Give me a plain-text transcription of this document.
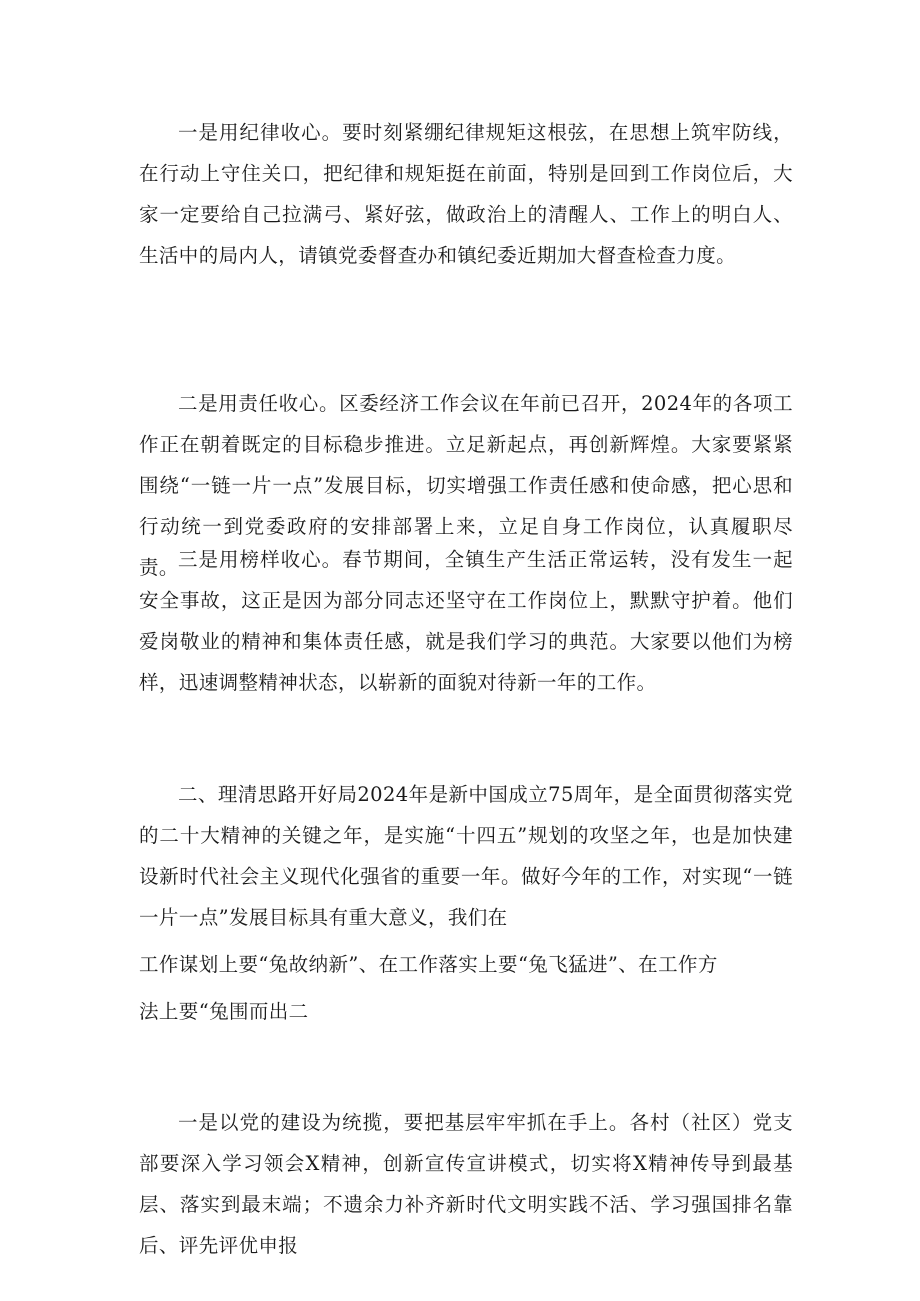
一是用纪律收心。要时刻紧绷纪律规矩这根弦，在思想上筑牢防线，在行动上守住关口，把纪律和规矩挺在前面，特别是回到工作岗位后，大家一定要给自己拉满弓、紧好弦，做政治上的清醒人、工作上的明白人、生活中的局内人，请镇党委督查办和镇纪委近期加大督查检查力度。

二是用责任收心。区委经济工作会议在年前已召开，2024年的各项工作正在朝着既定的目标稳步推进。立足新起点，再创新辉煌。大家要紧紧围绕“一链一片一点”发展目标，切实增强工作责任感和使命感，把心思和行动统一到党委政府的安排部署上来，立足自身工作岗位，认真履职尽责。 三是用榜样收心。春节期间，全镇生产生活正常运转，没有发生一起安全事故，这正是因为部分同志还坚守在工作岗位上，默默守护着。他们爱岗敬业的精神和集体责任感，就是我们学习的典范。大家要以他们为榜样，迅速调整精神状态，以崭新的面貌对待新一年的工作。

二、理清思路开好局2024年是新中国成立75周年，是全面贯彻落实党的二十大精神的关键之年，是实施“十四五”规划的攻坚之年，也是加快建设新时代社会主义现代化强省的重要一年。做好今年的工作，对实现“一链一片一点”发展目标具有重大意义，我们在

工作谋划上要“兔故纳新”、在工作落实上要“兔飞猛进”、在工作方

法上要“兔围而出二

一是以党的建设为统揽，要把基层牢牢抓在手上。各村（社区）党支部要深入学习领会X精神，创新宣传宣讲模式，切实将X精神传导到最基层、落实到最末端；不遗余力补齐新时代文明实践不活、学习强国排名靠后、评先评优申报
